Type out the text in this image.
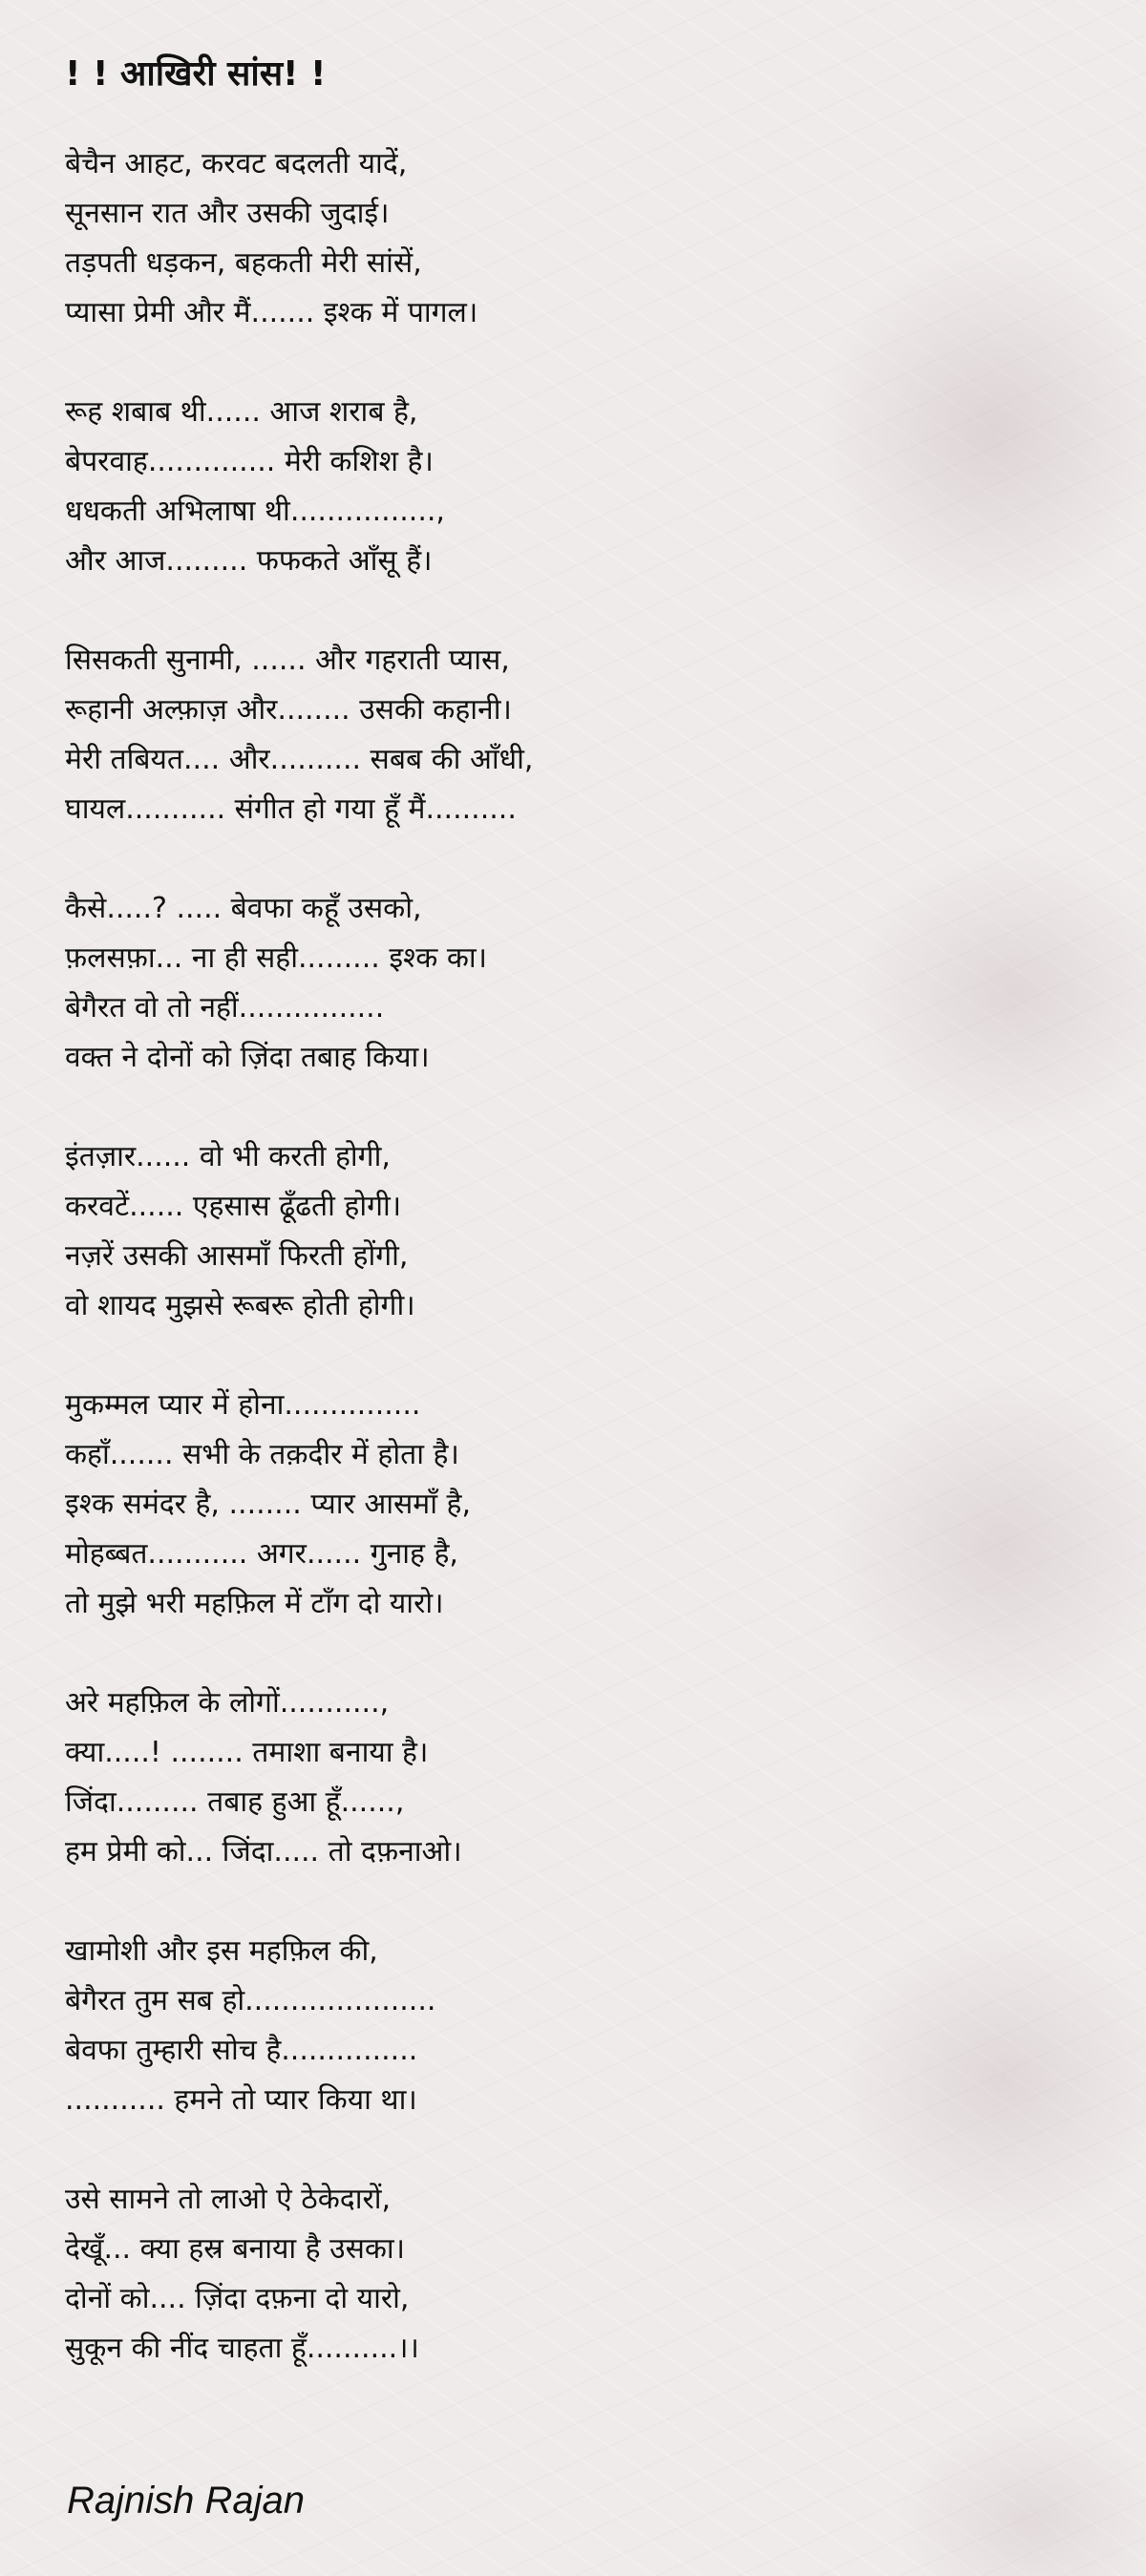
! ! आखिरी सांस! !
बेचैन आहट, करवट बदलती यादें,
सूनसान रात और उसकी जुदाई।
तड़पती धड़कन, बहकती मेरी सांसें,
प्यासा प्रेमी और मैं....... इश्क में पागल।
रूह शबाब थी...... आज शराब है,
बेपरवाह.............. मेरी कशिश है।
धधकती अभिलाषा थी................,
और आज......... फफकते आँसू हैं।
सिसकती सुनामी, ...... और गहराती प्यास,
रूहानी अल्फ़ाज़ और........ उसकी कहानी।
मेरी तबियत.... और.......... सबब की आँधी,
घायल........... संगीत हो गया हूँ मैं..........
कैसे.....? ..... बेवफा कहूँ उसको,
फ़लसफ़ा... ना ही सही......... इश्क का।
बेगैरत वो तो नहीं................
वक्त ने दोनों को ज़िंदा तबाह किया।
इंतज़ार...... वो भी करती होगी,
करवटें...... एहसास ढूँढती होगी।
नज़रें उसकी आसमाँ फिरती होंगी,
वो शायद मुझसे रूबरू होती होगी।
मुकम्मल प्यार में होना...............
कहाँ....... सभी के तक़दीर में होता है।
इश्क समंदर है, ........ प्यार आसमाँ है,
मोहब्बत........... अगर...... गुनाह है,
तो मुझे भरी महफ़िल में टाँग दो यारो।
अरे महफ़िल के लोगों...........,
क्या.....! ........ तमाशा बनाया है।
जिंदा......... तबाह हुआ हूँ......,
हम प्रेमी को... जिंदा..... तो दफ़नाओ।
खामोशी और इस महफ़िल की,
बेगैरत तुम सब हो.....................
बेवफा तुम्हारी सोच है...............
........... हमने तो प्यार किया था।
उसे सामने तो लाओ ऐ ठेकेदारों,
देखूँ... क्या हस्र बनाया है उसका।
दोनों को.... ज़िंदा दफ़ना दो यारो,
सुकून की नींद चाहता हूँ..........।।
Rajnish Rajan
